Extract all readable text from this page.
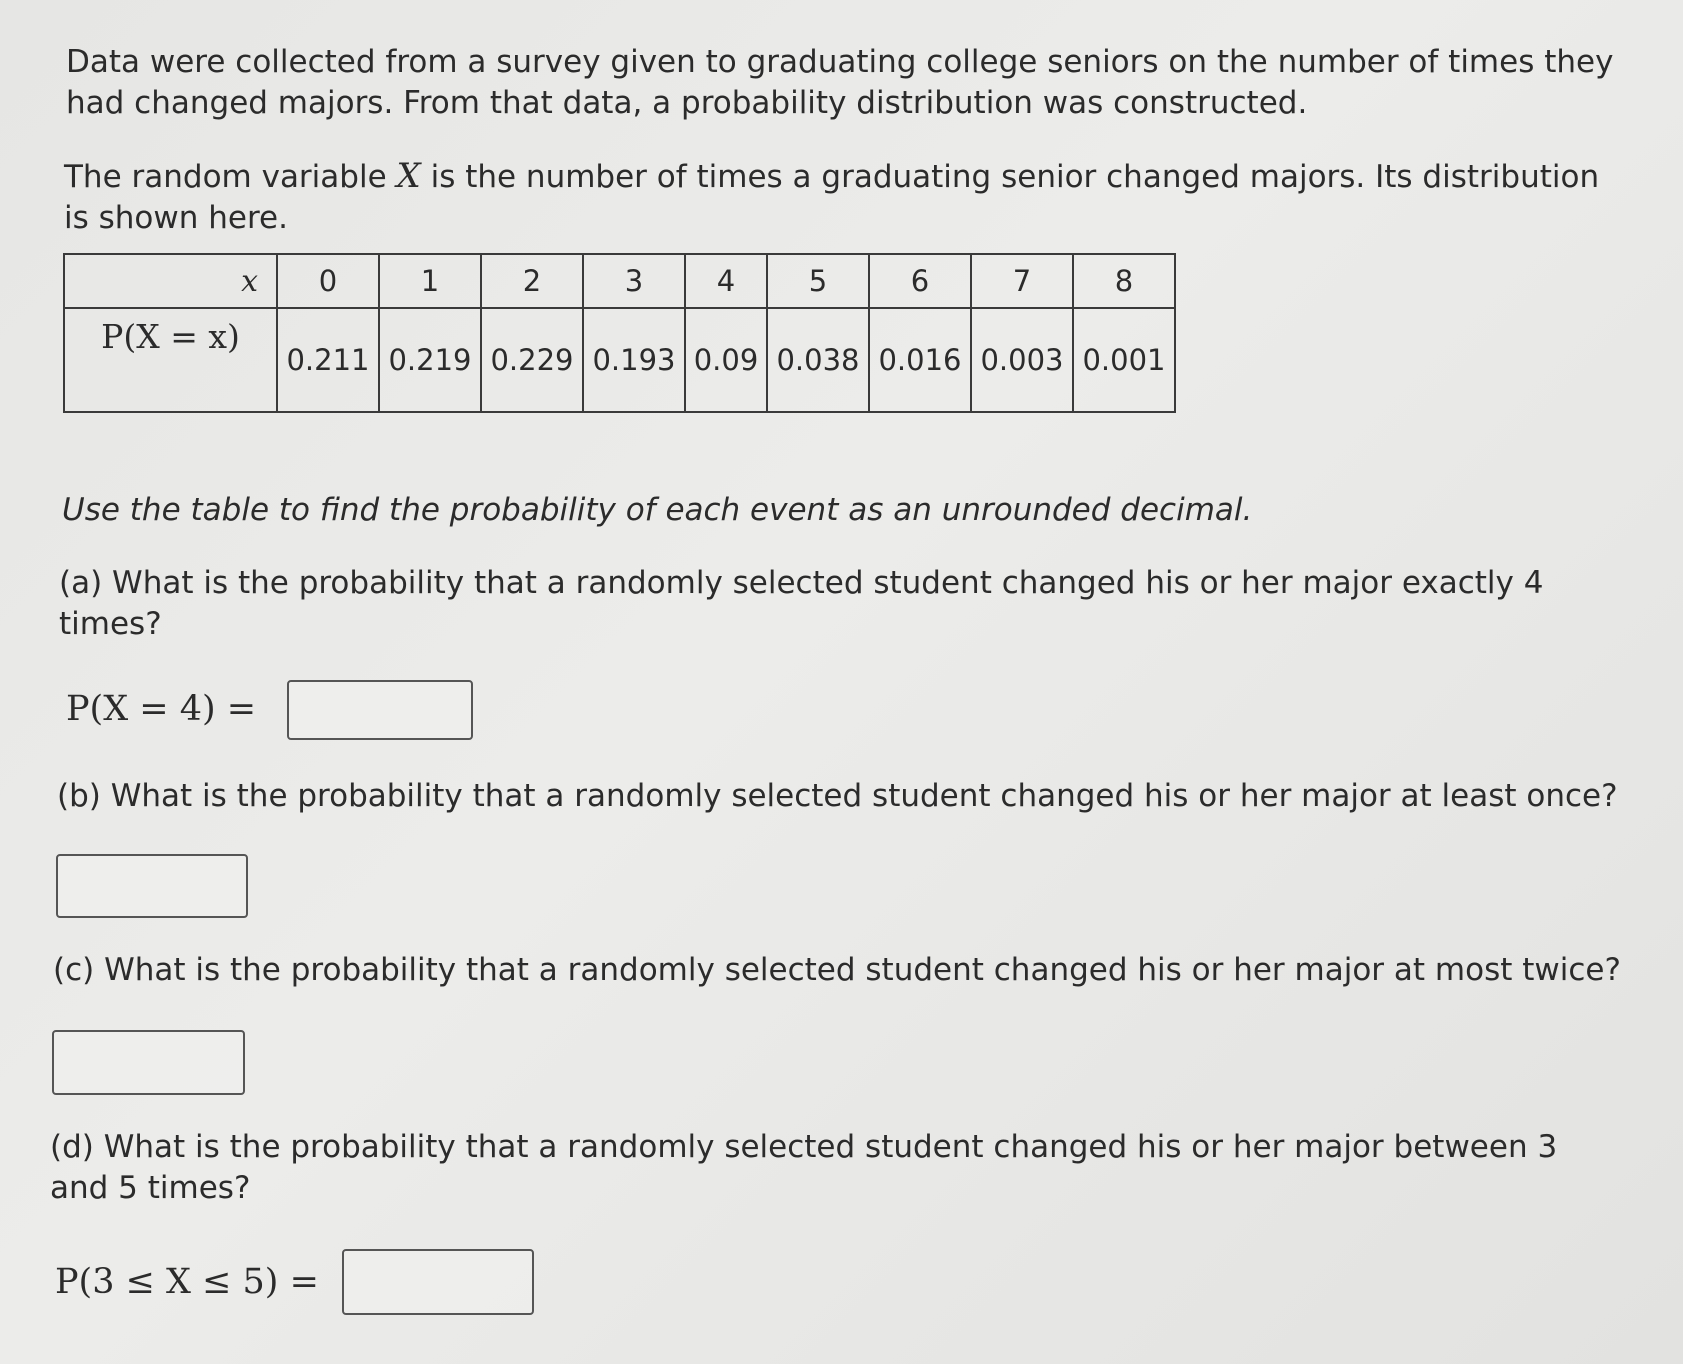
Data were collected from a survey given to graduating college seniors on the number of times they
had changed majors. From that data, a probability distribution was constructed.

The random variable X is the number of times a graduating senior changed majors. Its distribution
is shown here.

x	0	1	2	3	4	5	6	7	8
P(X = x)	0.211	0.219	0.229	0.193	0.09	0.038	0.016	0.003	0.001

Use the table to find the probability of each event as an unrounded decimal.

(a) What is the probability that a randomly selected student changed his or her major exactly 4
times?

P(X = 4) =

(b) What is the probability that a randomly selected student changed his or her major at least once?

(c) What is the probability that a randomly selected student changed his or her major at most twice?

(d) What is the probability that a randomly selected student changed his or her major between 3
and 5 times?

P(3 ≤ X ≤ 5) =
